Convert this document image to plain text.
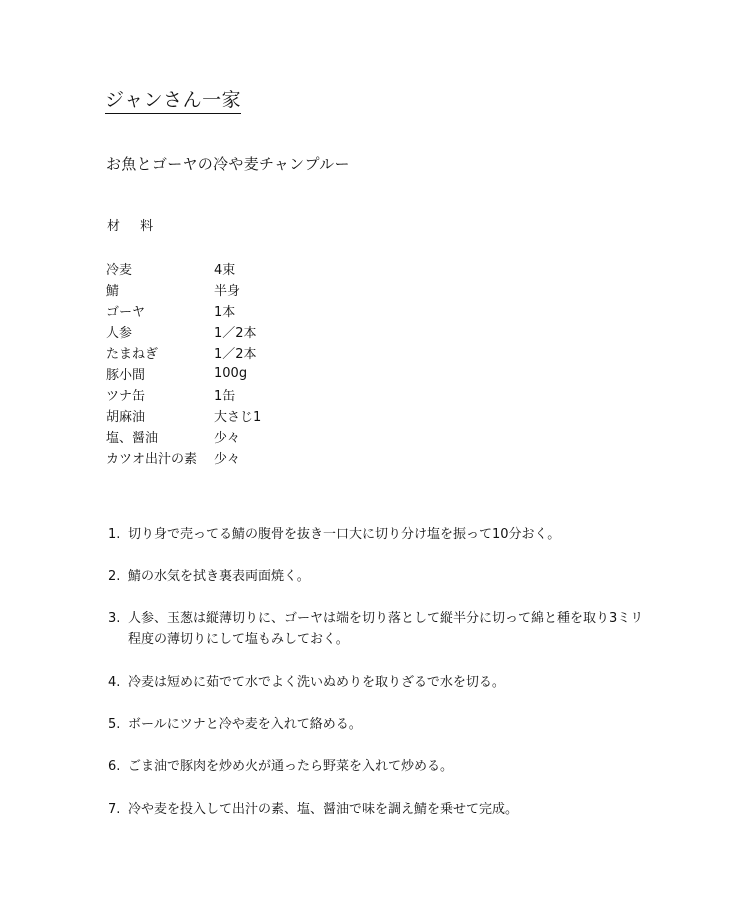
ジャンさん一家
お魚とゴーヤの冷や麦チャンプルー
材 料
冷麦	4束
鯖	半身
ゴーヤ	1本
人参	1／2本
たまねぎ	1／2本
豚小間	100g
ツナ缶	1缶
胡麻油	大さじ1
塩、醤油	少々
カツオ出汁の素	少々
1. 切り身で売ってる鯖の腹骨を抜き一口大に切り分け塩を振って10分おく。
2. 鯖の水気を拭き裏表両面焼く。
3. 人参、玉葱は縦薄切りに、ゴーヤは端を切り落として縦半分に切って綿と種を取り3ミリ
程度の薄切りにして塩もみしておく。
4. 冷麦は短めに茹でて水でよく洗いぬめりを取りざるで水を切る。
5. ボールにツナと冷や麦を入れて絡める。
6. ごま油で豚肉を炒め火が通ったら野菜を入れて炒める。
7. 冷や麦を投入して出汁の素、塩、醤油で味を調え鯖を乗せて完成。
